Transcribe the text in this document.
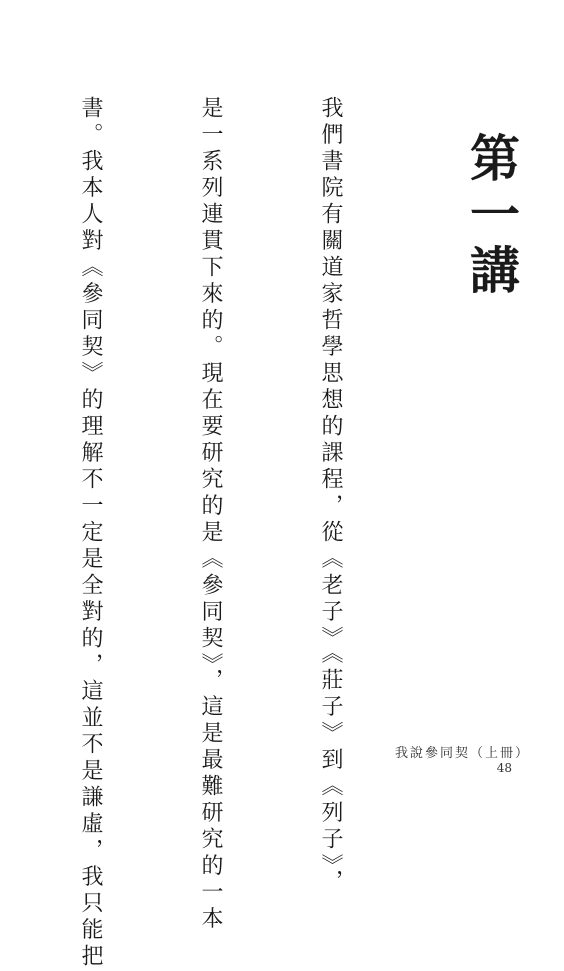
第一講

我們書院有關道家哲學思想的課程，從《老子》《莊子》到《列子》，

是一系列連貫下來的。現在要研究的是《參同契》，這是最難研究的一本

書。我本人對《參同契》的理解不一定是全對的，這並不是謙虛，我只能把

	我說參同契（上冊）
48
